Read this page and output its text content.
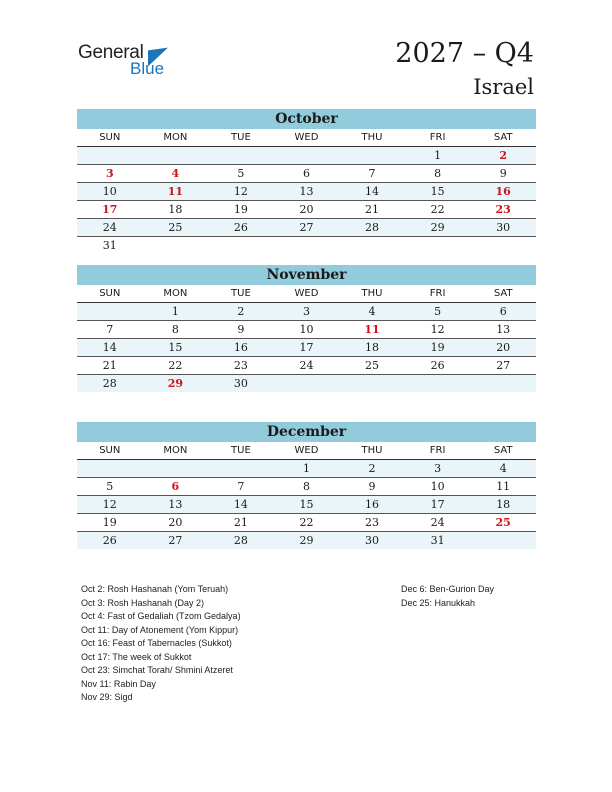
General
Blue	2027 – Q4
Israel
October
SUN	MON	TUE	WED	THU	FRI	SAT
					1	2
3	4	5	6	7	8	9
10	11	12	13	14	15	16
17	18	19	20	21	22	23
24	25	26	27	28	29	30
31						
November
SUN	MON	TUE	WED	THU	FRI	SAT
	1	2	3	4	5	6
7	8	9	10	11	12	13
14	15	16	17	18	19	20
21	22	23	24	25	26	27
28	29	30				
December
SUN	MON	TUE	WED	THU	FRI	SAT
			1	2	3	4
5	6	7	8	9	10	11
12	13	14	15	16	17	18
19	20	21	22	23	24	25
26	27	28	29	30	31	
Oct 2: Rosh Hashanah (Yom Teruah)
Oct 3: Rosh Hashanah (Day 2)
Oct 4: Fast of Gedaliah (Tzom Gedalya)
Oct 11: Day of Atonement (Yom Kippur)
Oct 16: Feast of Tabernacles (Sukkot)
Oct 17: The week of Sukkot
Oct 23: Simchat Torah/ Shmini Atzeret
Nov 11: Rabin Day
Nov 29: Sigd
Dec 6: Ben-Gurion Day
Dec 25: Hanukkah
